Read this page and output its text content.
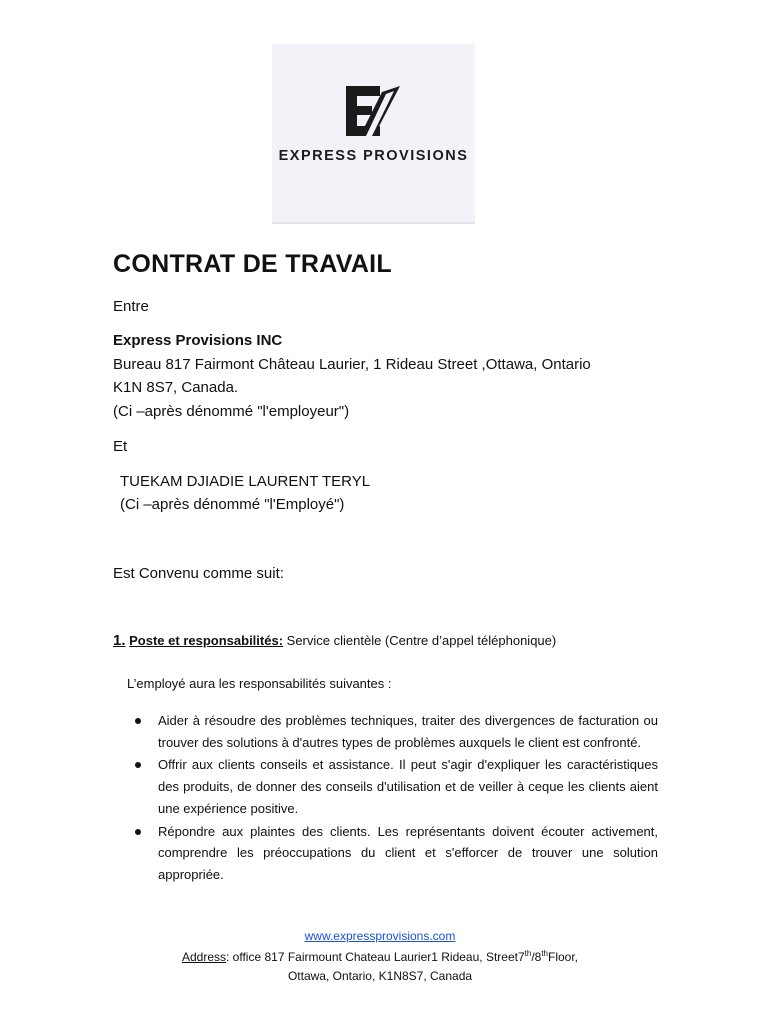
EXPRESS PROVISIONS
CONTRAT DE TRAVAIL
Entre
Express Provisions INC
Bureau 817 Fairmont Château Laurier, 1 Rideau Street ,Ottawa, Ontario
K1N 8S7, Canada.
(Ci –après dénommé "l'employeur")
Et
TUEKAM DJIADIE LAURENT TERYL
(Ci –après dénommé "l'Employé")
Est Convenu comme suit:
1. Poste et responsabilités: Service clientèle (Centre d’appel téléphonique)
L’employé aura les responsabilités suivantes :
Aider à résoudre des problèmes techniques, traiter des divergences de facturation ou trouver des solutions à d'autres types de problèmes auxquels le client est confronté.
Offrir aux clients conseils et assistance. Il peut s'agir d'expliquer les caractéristiques des produits, de donner des conseils d'utilisation et de veiller à ceque les clients aient une expérience positive.
Répondre aux plaintes des clients. Les représentants doivent écouter activement, comprendre les préoccupations du client et s'efforcer de trouver une solution appropriée.
www.expressprovisions.com
Address: office 817 Fairmount Chateau Laurier1 Rideau, Street7th/8thFloor,
Ottawa, Ontario, K1N8S7, Canada
